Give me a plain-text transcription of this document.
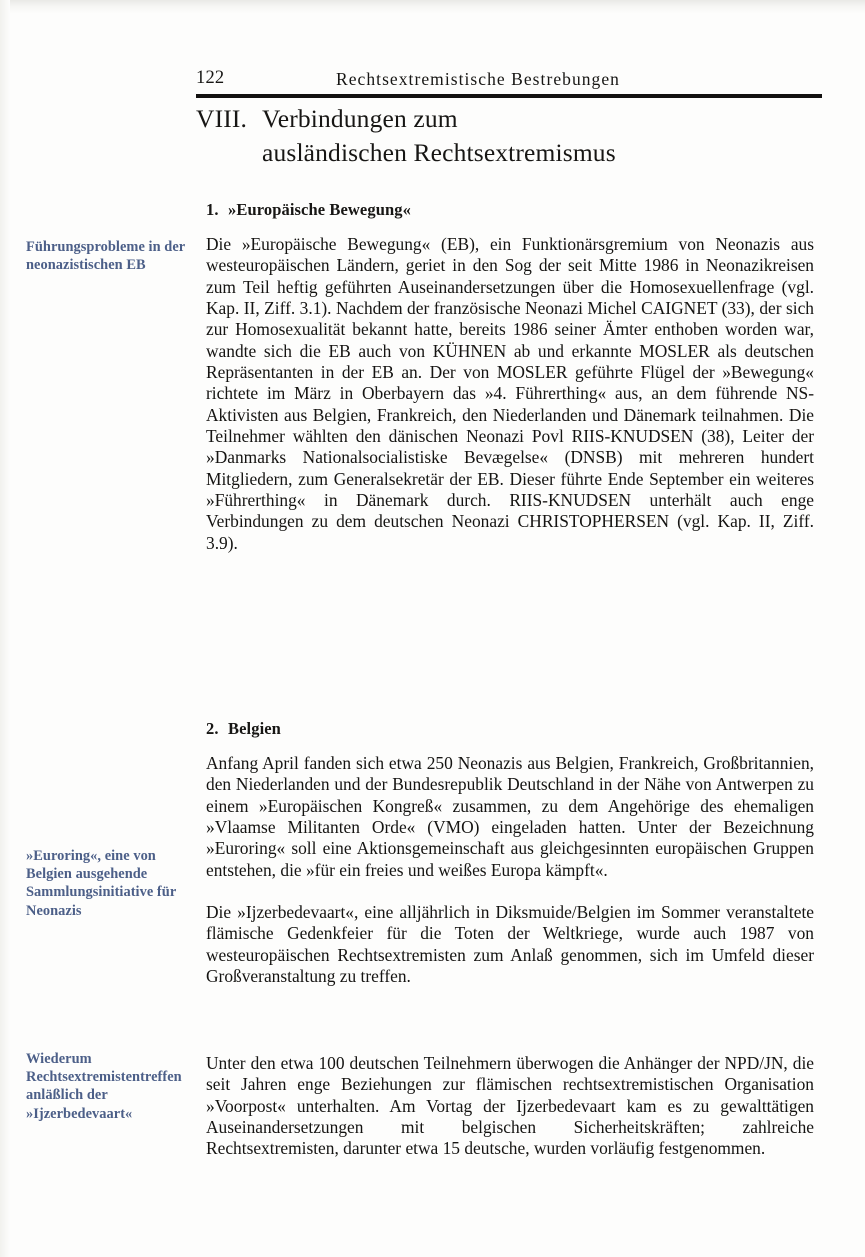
122	Rechtsextremistische Bestrebungen
VIII. Verbindungen zum
ausländischen Rechtsextremismus
1. »Europäische Bewegung«
Führungsprobleme in der neonazistischen EB

Die »Europäische Bewegung« (EB), ein Funktionärsgremium von Neonazis aus westeuropäischen Ländern, geriet in den Sog der seit Mitte 1986 in Neonazikreisen zum Teil heftig geführten Auseinandersetzungen über die Homosexuellenfrage (vgl. Kap. II, Ziff. 3.1). Nachdem der französische Neonazi Michel CAIGNET (33), der sich zur Homosexualität bekannt hatte, bereits 1986 seiner Ämter enthoben worden war, wandte sich die EB auch von KÜHNEN ab und erkannte MOSLER als deutschen Repräsentanten in der EB an. Der von MOSLER geführte Flügel der »Bewegung« richtete im März in Oberbayern das »4. Führerthing« aus, an dem führende NS-Aktivisten aus Belgien, Frankreich, den Niederlanden und Dänemark teilnahmen. Die Teilnehmer wählten den dänischen Neonazi Povl RIIS-KNUDSEN (38), Leiter der »Danmarks Nationalsocialistiske Bevægelse« (DNSB) mit mehreren hundert Mitgliedern, zum Generalsekretär der EB. Dieser führte Ende September ein weiteres »Führerthing« in Dänemark durch. RIIS-KNUDSEN unterhält auch enge Verbindungen zu dem deutschen Neonazi CHRISTOPHERSEN (vgl. Kap. II, Ziff. 3.9).

2. Belgien

Anfang April fanden sich etwa 250 Neonazis aus Belgien, Frankreich, Großbritannien, den Niederlanden und der Bundesrepublik Deutschland in der Nähe von Antwerpen zu einem »Europäischen Kongreß« zusammen, zu dem Angehörige des ehemaligen »Vlaamse Militanten Orde« (VMO) eingeladen hatten. Unter der Bezeichnung »Euroring« soll eine Aktionsgemeinschaft aus gleichgesinnten europäischen Gruppen entstehen, die »für ein freies und weißes Europa kämpft«.

»Euroring«, eine von Belgien ausgehende Sammlungsinitiative für Neonazis	Die »Ijzerbedevaart«, eine alljährlich in Diksmuide/Belgien im Sommer veranstaltete flämische Gedenkfeier für die Toten der Weltkriege, wurde auch 1987 von westeuropäischen Rechtsextremisten zum Anlaß genommen, sich im Umfeld dieser Großveranstaltung zu treffen.

Wiederum Rechtsextremistentreffen anläßlich der »Ijzerbedevaart«

Unter den etwa 100 deutschen Teilnehmern überwogen die Anhänger der NPD/JN, die seit Jahren enge Beziehungen zur flämischen rechtsextremistischen Organisation »Voorpost« unterhalten. Am Vortag der Ijzerbedevaart kam es zu gewalttätigen Auseinandersetzungen mit belgischen Sicherheitskräften; zahlreiche Rechtsextremisten, darunter etwa 15 deutsche, wurden vorläufig festgenommen.
